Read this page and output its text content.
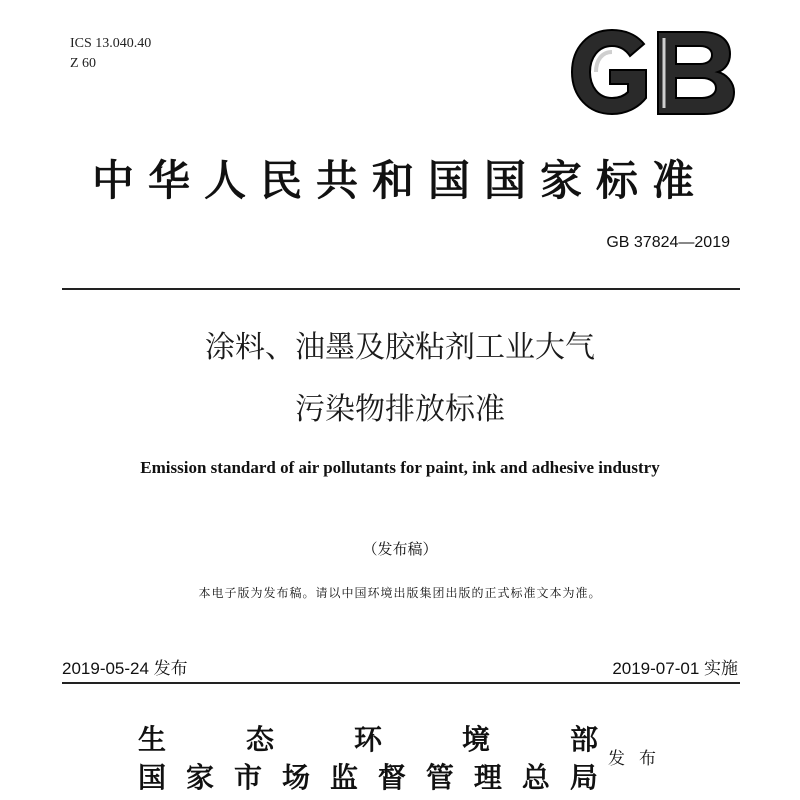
ICS 13.040.40
Z 60
中华人民共和国国家标准
GB 37824—2019
涂料、油墨及胶粘剂工业大气
污染物排放标准
Emission standard of air pollutants for paint, ink and adhesive industry
（发布稿）
本电子版为发布稿。请以中国环境出版集团出版的正式标准文本为准。
2019-05-24 发布	2019-07-01 实施
生	态	环	境	部
国 家 市 场 监 督 管 理 总 局
发布
